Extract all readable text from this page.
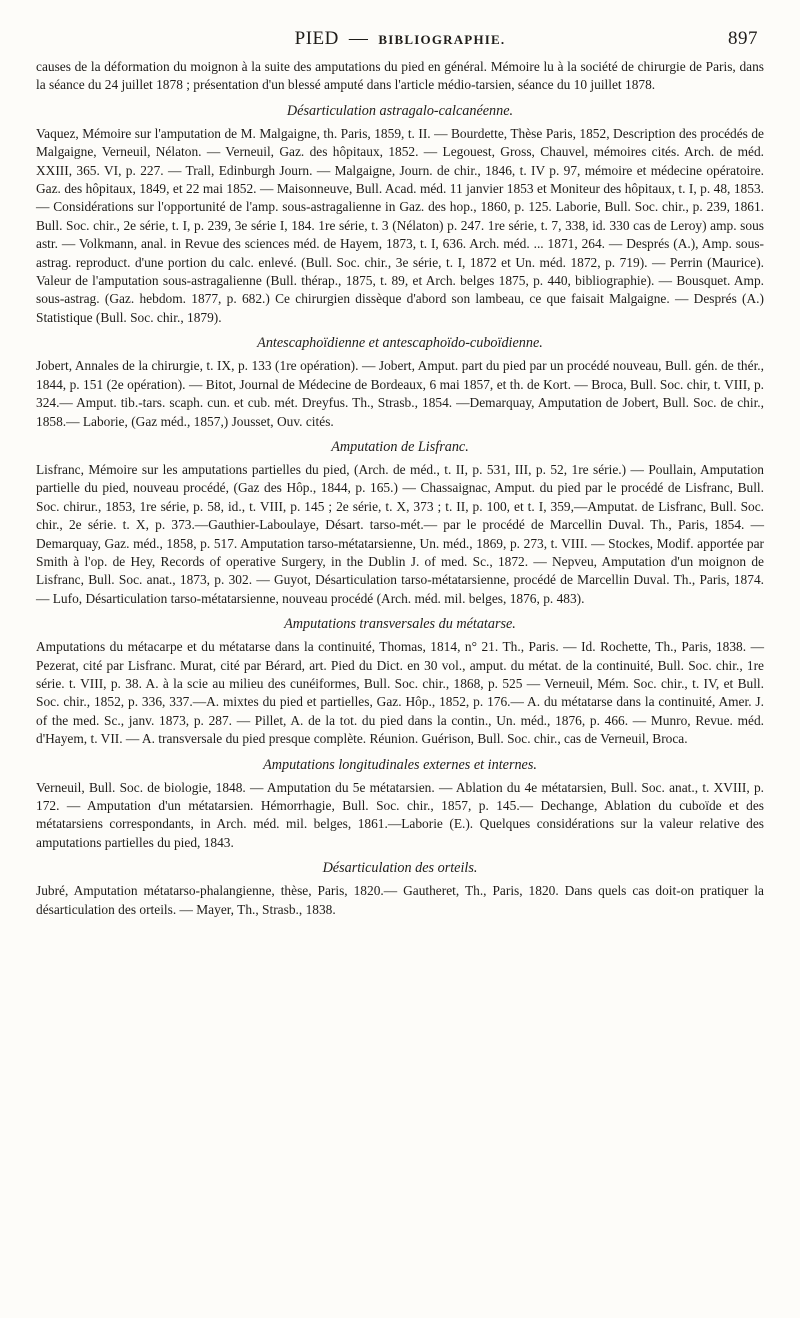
PIED — BIBLIOGRAPHIE.	897

causes de la déformation du moignon à la suite des amputations du pied en général. Mémoire lu à la société de chirurgie de Paris, dans la séance du 24 juillet 1878 ; présentation d'un blessé amputé dans l'article médio-tarsien, séance du 10 juillet 1878.

Désarticulation astragalo-calcanéenne.

Vaquez, Mémoire sur l'amputation de M. Malgaigne, th. Paris, 1859, t. II. — Bourdette, Thèse Paris, 1852, Description des procédés de Malgaigne, Verneuil, Nélaton. — Verneuil, Gaz. des hôpitaux, 1852. — Legouest, Gross, Chauvel, mémoires cités. Arch. de méd. XXIII, 365. VI, p. 227. — Trall, Edinburgh Journ. — Malgaigne, Journ. de chir., 1846, t. IV p. 97, mémoire et médecine opératoire. Gaz. des hôpitaux, 1849, et 22 mai 1852. — Maisonneuve, Bull. Acad. méd. 11 janvier 1853 et Moniteur des hôpitaux, t. I, p. 48, 1853.— Considérations sur l'opportunité de l'amp. sous-astragalienne in Gaz. des hop., 1860, p. 125. Laborie, Bull. Soc. chir., p. 239, 1861. Bull. Soc. chir., 2e série, t. I, p. 239, 3e série I, 184. 1re série, t. 3 (Nélaton) p. 247. 1re série, t. 7, 338, id. 330 cas de Leroy) amp. sous astr. — Volkmann, anal. in Revue des sciences méd. de Hayem, 1873, t. I, 636. Arch. méd. ... 1871, 264. — Després (A.), Amp. sous-astrag. reproduct. d'une portion du calc. enlevé. (Bull. Soc. chir., 3e série, t. I, 1872 et Un. méd. 1872, p. 719). — Perrin (Maurice). Valeur de l'amputation sous-astragalienne (Bull. thérap., 1875, t. 89, et Arch. belges 1875, p. 440, bibliographie). — Bousquet. Amp. sous-astrag. (Gaz. hebdom. 1877, p. 682.) Ce chirurgien dissèque d'abord son lambeau, ce que faisait Malgaigne. — Després (A.) Statistique (Bull. Soc. chir., 1879).

Antescaphoïdienne et antescaphoïdo-cuboïdienne.

Jobert, Annales de la chirurgie, t. IX, p. 133 (1re opération). — Jobert, Amput. part du pied par un procédé nouveau, Bull. gén. de thér., 1844, p. 151 (2e opération). — Bitot, Journal de Médecine de Bordeaux, 6 mai 1857, et th. de Kort. — Broca, Bull. Soc. chir, t. VIII, p. 324.— Amput. tib.-tars. scaph. cun. et cub. mét. Dreyfus. Th., Strasb., 1854. —Demarquay, Amputation de Jobert, Bull. Soc. de chir., 1858.— Laborie, (Gaz méd., 1857,) Jousset, Ouv. cités.

Amputation de Lisfranc.

Lisfranc, Mémoire sur les amputations partielles du pied, (Arch. de méd., t. II, p. 531, III, p. 52, 1re série.) — Poullain, Amputation partielle du pied, nouveau procédé, (Gaz des Hôp., 1844, p. 165.) — Chassaignac, Amput. du pied par le procédé de Lisfranc, Bull. Soc. chirur., 1853, 1re série, p. 58, id., t. VIII, p. 145 ; 2e série, t. X, 373 ; t. II, p. 100, et t. I, 359,—Amputat. de Lisfranc, Bull. Soc. chir., 2e série. t. X, p. 373.—Gauthier-Laboulaye, Désart. tarso-mét.— par le procédé de Marcellin Duval. Th., Paris, 1854. — Demarquay, Gaz. méd., 1858, p. 517. Amputation tarso-métatarsienne, Un. méd., 1869, p. 273, t. VIII. — Stockes, Modif. apportée par Smith à l'op. de Hey, Records of operative Surgery, in the Dublin J. of med. Sc., 1872. — Nepveu, Amputation d'un moignon de Lisfranc, Bull. Soc. anat., 1873, p. 302. — Guyot, Désarticulation tarso-métatarsienne, procédé de Marcellin Duval. Th., Paris, 1874. — Lufo, Désarticulation tarso-métatarsienne, nouveau procédé (Arch. méd. mil. belges, 1876, p. 483).

Amputations transversales du métatarse.

Amputations du métacarpe et du métatarse dans la continuité, Thomas, 1814, n° 21. Th., Paris. — Id. Rochette, Th., Paris, 1838. — Pezerat, cité par Lisfranc. Murat, cité par Bérard, art. Pied du Dict. en 30 vol., amput. du métat. de la continuité, Bull. Soc. chir., 1re série. t. VIII, p. 38. A. à la scie au milieu des cunéiformes, Bull. Soc. chir., 1868, p. 525 — Verneuil, Mém. Soc. chir., t. IV, et Bull. Soc. chir., 1852, p. 336, 337.—A. mixtes du pied et partielles, Gaz. Hôp., 1852, p. 176.— A. du métatarse dans la continuité, Amer. J. of the med. Sc., janv. 1873, p. 287. — Pillet, A. de la tot. du pied dans la contin., Un. méd., 1876, p. 466. — Munro, Revue. méd. d'Hayem, t. VII. — A. transversale du pied presque complète. Réunion. Guérison, Bull. Soc. chir., cas de Verneuil, Broca.

Amputations longitudinales externes et internes.

Verneuil, Bull. Soc. de biologie, 1848. — Amputation du 5e métatarsien. — Ablation du 4e métatarsien, Bull. Soc. anat., t. XVIII, p. 172. — Amputation d'un métatarsien. Hémorrhagie, Bull. Soc. chir., 1857, p. 145.— Dechange, Ablation du cuboïde et des métatarsiens correspondants, in Arch. méd. mil. belges, 1861.—Laborie (E.). Quelques considérations sur la valeur relative des amputations partielles du pied, 1843.

Désarticulation des orteils.

Jubré, Amputation métatarso-phalangienne, thèse, Paris, 1820.— Gautheret, Th., Paris, 1820. Dans quels cas doit-on pratiquer la désarticulation des orteils. — Mayer, Th., Strasb., 1838.
